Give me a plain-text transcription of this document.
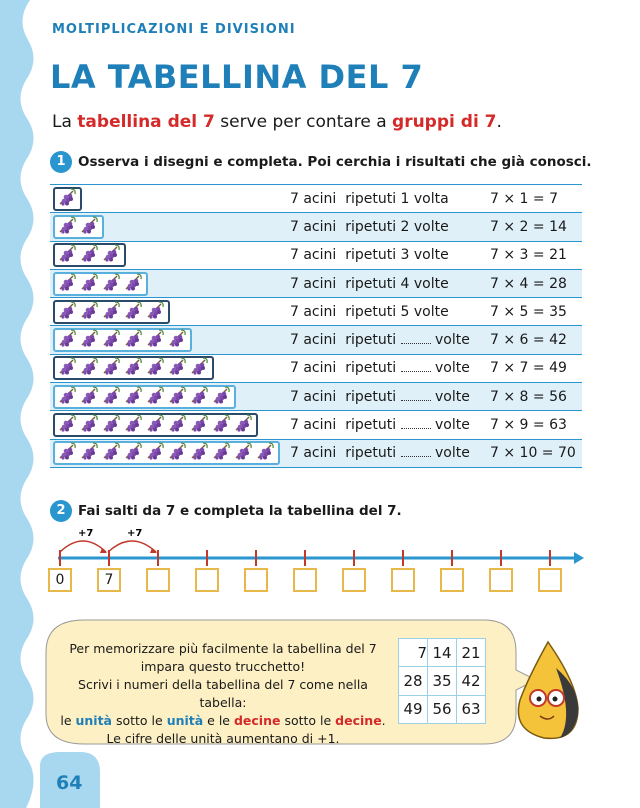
MOLTIPLICAZIONI E DIVISIONI
LA TABELLINA DEL 7
La tabellina del 7 serve per contare a gruppi di 7.
1 Osserva i disegni e completa. Poi cerchia i risultati che già conosci.
	7 acini ripetuti 1 volta	7 × 1 = 7

	7 acini ripetuti 2 volte	7 × 2 = 14

	7 acini ripetuti 3 volte	7 × 3 = 21

	7 acini ripetuti 4 volte	7 × 4 = 28

	7 acini ripetuti 5 volte	7 × 5 = 35

	7 acini ripetuti volte	7 × 6 = 42

	7 acini ripetuti volte	7 × 7 = 49

	7 acini ripetuti volte	7 × 8 = 56

	7 acini ripetuti volte	7 × 9 = 63

	7 acini ripetuti volte	7 × 10 = 70
2 Fai salti da 7 e completa la tabellina del 7.
+7	+7
0	7
Per memorizzare più facilmente la tabellina del 7
impara questo trucchetto!
Scrivi i numeri della tabellina del 7 come nella tabella:
le unità sotto le unità e le decine sotto le decine.
Le cifre delle unità aumentano di +1.
7	14	21
28	35	42
49	56	63
64
